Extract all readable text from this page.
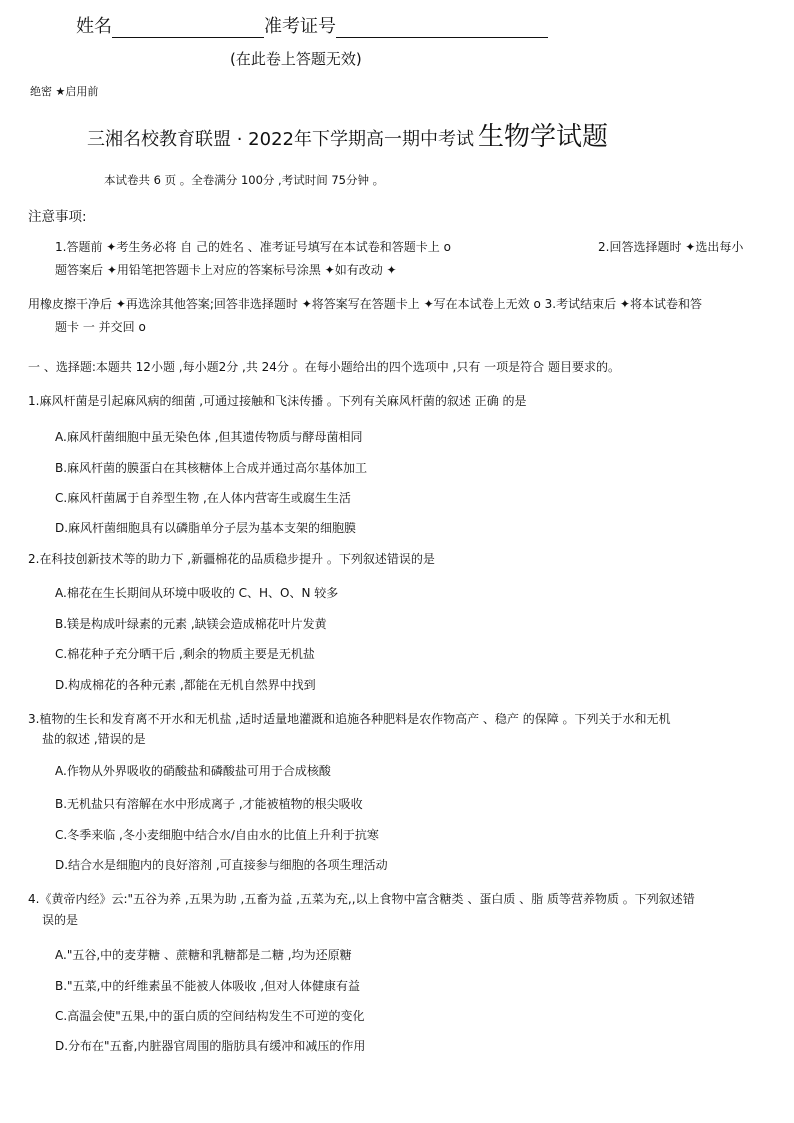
姓名	准考证号
(在此卷上答题无效)
绝密 ★启用前
三湘名校教育联盟 · 2022年下学期高一期中考试 生物学试题
本试卷共 6 页 。全卷满分 100分 ,考试时间 75分钟 。
注意事项:
1.答题前 ✦考生务必将 自 己的姓名 、准考证号填写在本试卷和答题卡上 o	2.回答选择题时 ✦选出每小
题答案后 ✦用铅笔把答题卡上对应的答案标号涂黑 ✦如有改动 ✦
用橡皮擦干净后 ✦再选涂其他答案;回答非选择题时 ✦将答案写在答题卡上 ✦写在本试卷上无效 o 3.考试结束后 ✦将本试卷和答
题卡 一 并交回 o
一 、选择题:本题共 12小题 ,每小题2分 ,共 24分 。在每小题给出的四个选项中 ,只有 一项是符合 题目要求的。
1.麻风杆菌是引起麻风病的细菌 ,可通过接触和飞沫传播 。下列有关麻风杆菌的叙述 正确 的是
A.麻风杆菌细胞中虽无染色体 ,但其遗传物质与酵母菌相同
B.麻风杆菌的膜蛋白在其核糖体上合成并通过高尔基体加工
C.麻风杆菌属于自养型生物 ,在人体内营寄生或腐生生活
D.麻风杆菌细胞具有以磷脂单分子层为基本支架的细胞膜
2.在科技创新技术等的助力下 ,新疆棉花的品质稳步提升 。下列叙述错误的是
A.棉花在生长期间从环境中吸收的 C、H、O、N 较多
B.镁是构成叶绿素的元素 ,缺镁会造成棉花叶片发黄
C.棉花种子充分晒干后 ,剩余的物质主要是无机盐
D.构成棉花的各种元素 ,都能在无机自然界中找到
3.植物的生长和发育离不开水和无机盐 ,适时适量地灌溉和追施各种肥料是农作物高产 、稳产 的保障 。下列关于水和无机
盐的叙述 ,错误的是
A.作物从外界吸收的硝酸盐和磷酸盐可用于合成核酸
B.无机盐只有溶解在水中形成离子 ,才能被植物的根尖吸收
C.冬季来临 ,冬小麦细胞中结合水/自由水的比值上升利于抗寒
D.结合水是细胞内的良好溶剂 ,可直接参与细胞的各项生理活动
4.《黄帝内经》云:"五谷为养 ,五果为助 ,五畜为益 ,五菜为充,,以上食物中富含糖类 、蛋白质 、脂 质等营养物质 。下列叙述错
误的是
A."五谷,中的麦芽糖 、蔗糖和乳糖都是二糖 ,均为还原糖
B."五菜,中的纤维素虽不能被人体吸收 ,但对人体健康有益
C.高温会使"五果,中的蛋白质的空间结构发生不可逆的变化
D.分布在"五畜,内脏器官周围的脂肪具有缓冲和减压的作用
